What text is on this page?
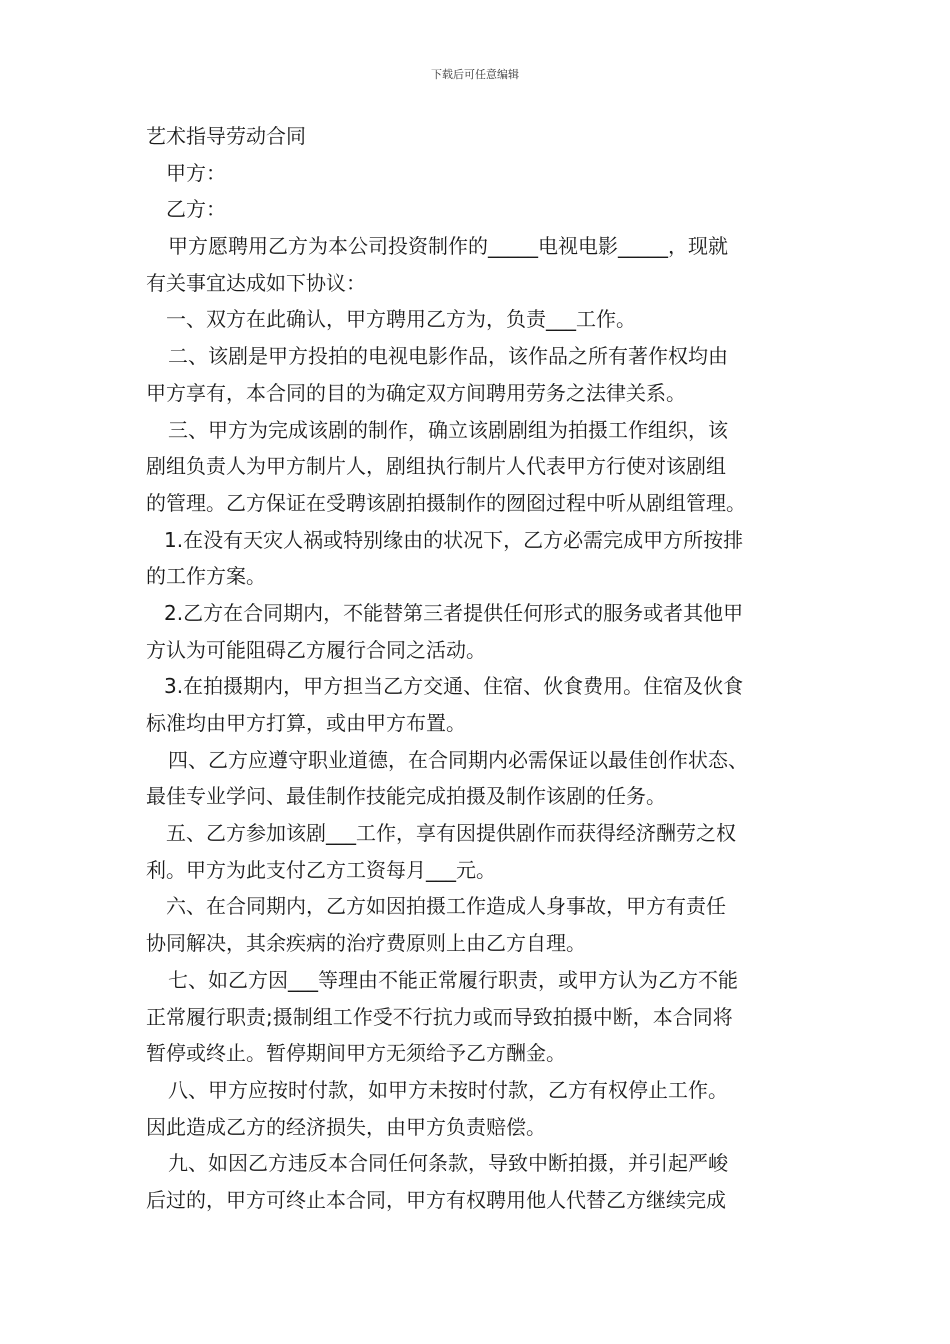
下载后可任意编辑
艺术指导劳动合同
甲方：
乙方：
甲方愿聘用乙方为本公司投资制作的_____电视电影_____，现就
有关事宜达成如下协议：
一、双方在此确认，甲方聘用乙方为，负责___工作。
二、该剧是甲方投拍的电视电影作品，该作品之所有著作权均由
甲方享有，本合同的目的为确定双方间聘用劳务之法律关系。
三、甲方为完成该剧的制作，确立该剧剧组为拍摄工作组织，该
剧组负责人为甲方制片人，剧组执行制片人代表甲方行使对该剧组
的管理。乙方保证在受聘该剧拍摄制作的囫囵过程中听从剧组管理。
1.在没有天灾人祸或特别缘由的状况下，乙方必需完成甲方所按排
的工作方案。
2.乙方在合同期内，不能替第三者提供任何形式的服务或者其他甲
方认为可能阻碍乙方履行合同之活动。
3.在拍摄期内，甲方担当乙方交通、住宿、伙食费用。住宿及伙食
标准均由甲方打算，或由甲方布置。
四、乙方应遵守职业道德，在合同期内必需保证以最佳创作状态、
最佳专业学问、最佳制作技能完成拍摄及制作该剧的任务。
五、乙方参加该剧___工作，享有因提供剧作而获得经济酬劳之权
利。甲方为此支付乙方工资每月___元。
六、在合同期内，乙方如因拍摄工作造成人身事故，甲方有责任
协同解决，其余疾病的治疗费原则上由乙方自理。
七、如乙方因___等理由不能正常履行职责，或甲方认为乙方不能
正常履行职责;摄制组工作受不行抗力或而导致拍摄中断，本合同将
暂停或终止。暂停期间甲方无须给予乙方酬金。
八、甲方应按时付款，如甲方未按时付款，乙方有权停止工作。
因此造成乙方的经济损失，由甲方负责赔偿。
九、如因乙方违反本合同任何条款，导致中断拍摄，并引起严峻
后过的，甲方可终止本合同，甲方有权聘用他人代替乙方继续完成
